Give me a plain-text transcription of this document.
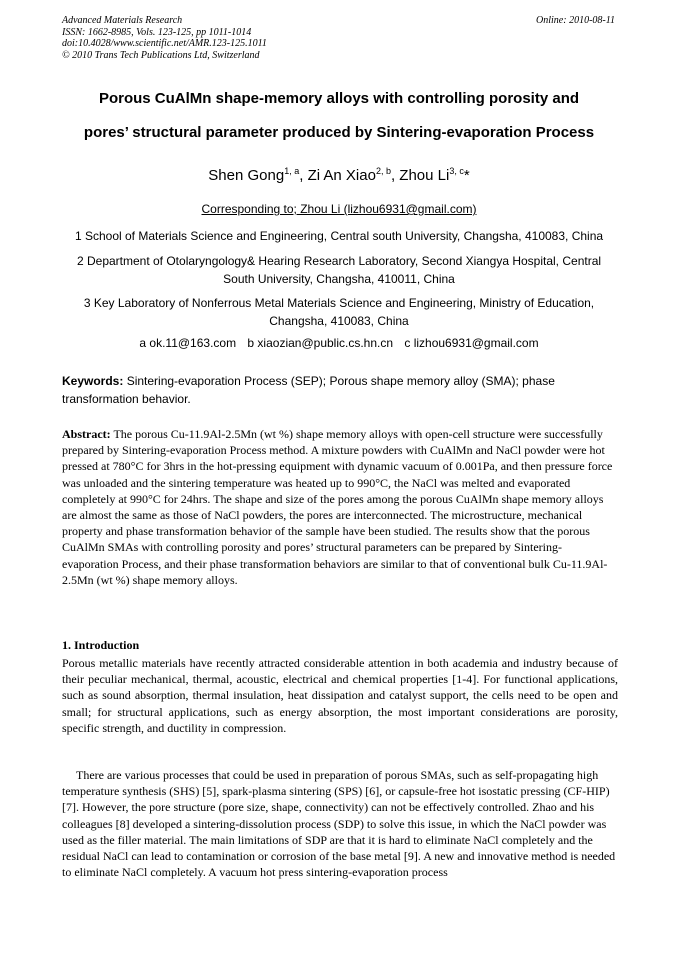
Advanced Materials Research
ISSN: 1662-8985, Vols. 123-125, pp 1011-1014
doi:10.4028/www.scientific.net/AMR.123-125.1011
© 2010 Trans Tech Publications Ltd, Switzerland
Online: 2010-08-11
Porous CuAlMn shape-memory alloys with controlling porosity and
pores’ structural parameter produced by Sintering-evaporation Process
Shen Gong$^{1, a}$, Zi An Xiao$^{2, b}$, Zhou Li$^{3, c}$*
Corresponding to; Zhou Li (lizhou6931@gmail.com)
1 School of Materials Science and Engineering, Central south University, Changsha, 410083, China
2 Department of Otolaryngology& Hearing Research Laboratory, Second Xiangya Hospital, Central South University, Changsha, 410011, China
3 Key Laboratory of Nonferrous Metal Materials Science and Engineering, Ministry of Education, Changsha, 410083, China
a ok.11@163.com b xiaozian@public.cs.hn.cn c lizhou6931@gmail.com
Keywords: Sintering-evaporation Process (SEP); Porous shape memory alloy (SMA); phase transformation behavior.
Abstract: The porous Cu-11.9Al-2.5Mn (wt %) shape memory alloys with open-cell structure were successfully prepared by Sintering-evaporation Process method. A mixture powders with CuAlMn and NaCl powder were hot pressed at 780°C for 3hrs in the hot-pressing equipment with dynamic vacuum of 0.001Pa, and then pressure force was unloaded and the sintering temperature was heated up to 990°C, the NaCl was melted and evaporated completely at 990°C for 24hrs. The shape and size of the pores among the porous CuAlMn shape memory alloys are almost the same as those of NaCl powders, the pores are interconnected. The microstructure, mechanical property and phase transformation behavior of the sample have been studied. The results show that the porous CuAlMn SMAs with controlling porosity and pores’ structural parameters can be prepared by Sintering-evaporation Process, and their phase transformation behaviors are similar to that of conventional bulk Cu-11.9Al-2.5Mn (wt %) shape memory alloys.
1. Introduction
Porous metallic materials have recently attracted considerable attention in both academia and industry because of their peculiar mechanical, thermal, acoustic, electrical and chemical properties [1-4]. For functional applications, such as sound absorption, thermal insulation, heat dissipation and catalyst support, the cells need to be open and small; for structural applications, such as energy absorption, the most important considerations are porosity, specific strength, and ductility in compression.
There are various processes that could be used in preparation of porous SMAs, such as self-propagating high temperature synthesis (SHS) [5], spark-plasma sintering (SPS) [6], or capsule-free hot isostatic pressing (CF-HIP) [7]. However, the pore structure (pore size, shape, connectivity) can not be effectively controlled. Zhao and his colleagues [8] developed a sintering-dissolution process (SDP) to solve this issue, in which the NaCl powder was used as the filler material. The main limitations of SDP are that it is hard to eliminate NaCl completely and the residual NaCl can lead to contamination or corrosion of the base metal [9]. A new and innovative method is needed to eliminate NaCl completely. A vacuum hot press sintering-evaporation process
